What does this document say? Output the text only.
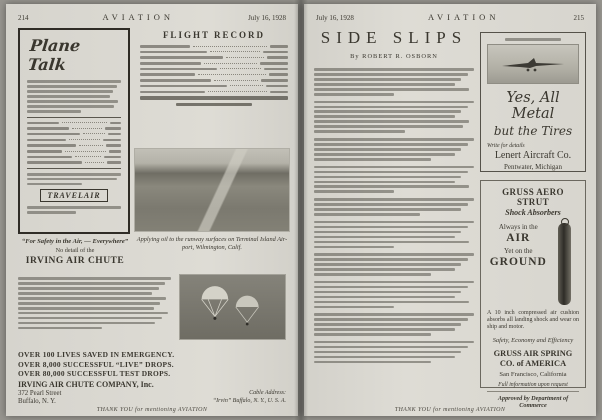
214	AVIATION	July 16, 1928
Plane Talk
TRAVELAIR
FLIGHT RECORD
Applying oil to the runway surfaces on Terminal Island Air-
port, Wilmington, Calif.
“For Safety in the Air, — Everywhere”
No detail of the
IRVING AIR CHUTE
OVER 100 LIVES SAVED IN EMERGENCY.
OVER 8,000 SUCCESSFUL “LIVE” DROPS.
OVER 80,000 SUCCESSFUL TEST DROPS.
IRVING AIR CHUTE COMPANY, Inc.
372 Pearl Street
Buffalo, N. Y.
Cable Address:
“Irvin” Buffalo, N. Y., U. S. A.
THANK YOU for mentioning AVIATION
July 16, 1928	AVIATION	215
SIDE SLIPS
By ROBERT R. OSBORN

Yes, All Metal
but the Tires
Write for details
Lenert Aircraft Co.
Pentwater, Michigan
GRUSS AERO STRUT
Shock Absorbers
Always in the
AIR
Yet on the
GROUND
A 10 inch compressed air cushion absorbs all landing shock and wear on ship and motor.
Safety, Economy and Efficiency
GRUSS AIR SPRING
CO. of AMERICA
San Francisco, California
Full information upon request
Approved by Department of Commerce
THANK YOU for mentioning AVIATION
